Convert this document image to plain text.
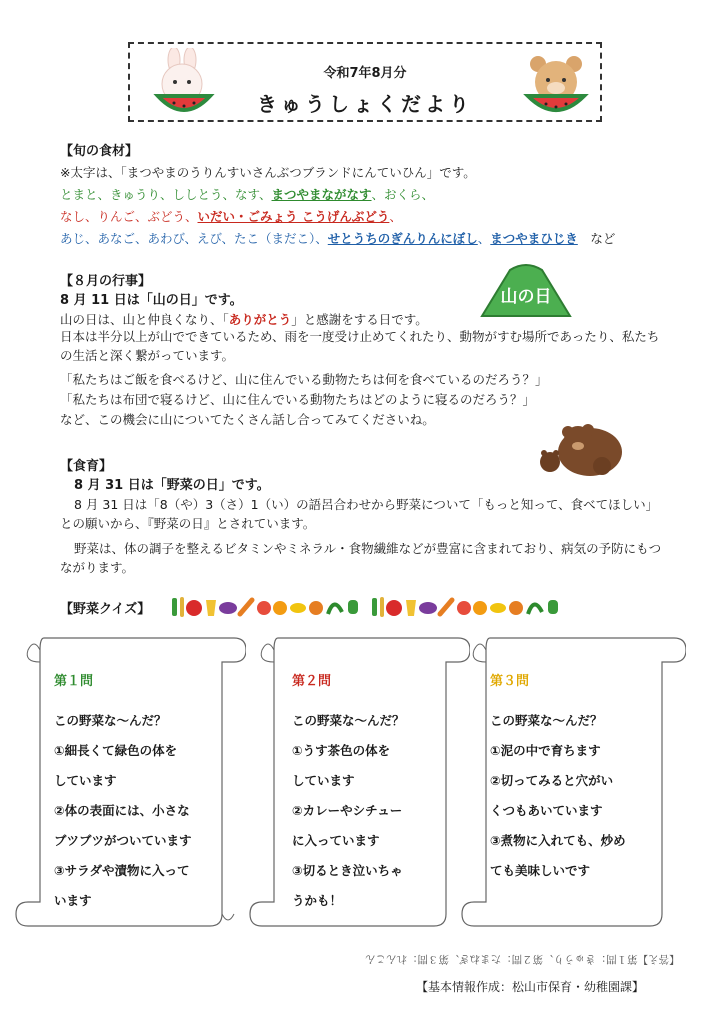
令和7年8月分
きゅうしょくだより
【旬の食材】
※太字は、「まつやまのうりんすいさんぶつブランドにんていひん」です。
とまと、きゅうり、ししとう、なす、まつやまながなす、おくら、
なし、りんご、ぶどう、いだい・ごみょう こうげんぶどう、
あじ、あなご、あわび、えび、たこ（まだこ）、せとうちのぎんりんにぼし、まつやまひじき　など
【８月の行事】
8 月 11 日は「山の日」です。	山の日
山の日は、山と仲良くなり、「ありがとう」と感謝をする日です。
日本は半分以上が山でできているため、雨を一度受け止めてくれたり、動物がすむ場所であったり、私たちの生活と深く繋がっています。
「私たちはご飯を食べるけど、山に住んでいる動物たちは何を食べているのだろう？」
「私たちは布団で寝るけど、山に住んでいる動物たちはどのように寝るのだろう？」
など、この機会に山についてたくさん話し合ってみてくださいね。
【食育】
8 月 31 日は「野菜の日」です。
8 月 31 日は「8（や）3（さ）1（い）の語呂合わせから野菜について「もっと知って、食べてほしい」との願いから、『野菜の日』とされています。
野菜は、体の調子を整えるビタミンやミネラル・食物繊維などが豊富に含まれており、病気の予防にもつながります。
【野菜クイズ】
第１問
この野菜な～んだ？
①細長くて緑色の体を
しています
②体の表面には、小さな
ブツブツがついています
③サラダや漬物に入って
います
第２問
この野菜な～んだ？
①うす茶色の体を
しています
②カレーやシチュー
に入っています
③切るとき泣いちゃ
うかも！
第３問
この野菜な～んだ？
①泥の中で育ちます
②切ってみると穴がい
くつもあいています
③煮物に入れても、炒め
ても美味しいです
【答え】第１問：きゅうり、第２問：たまねぎ、第３問：れんこん
【基本情報作成：松山市保育・幼稚園課】
